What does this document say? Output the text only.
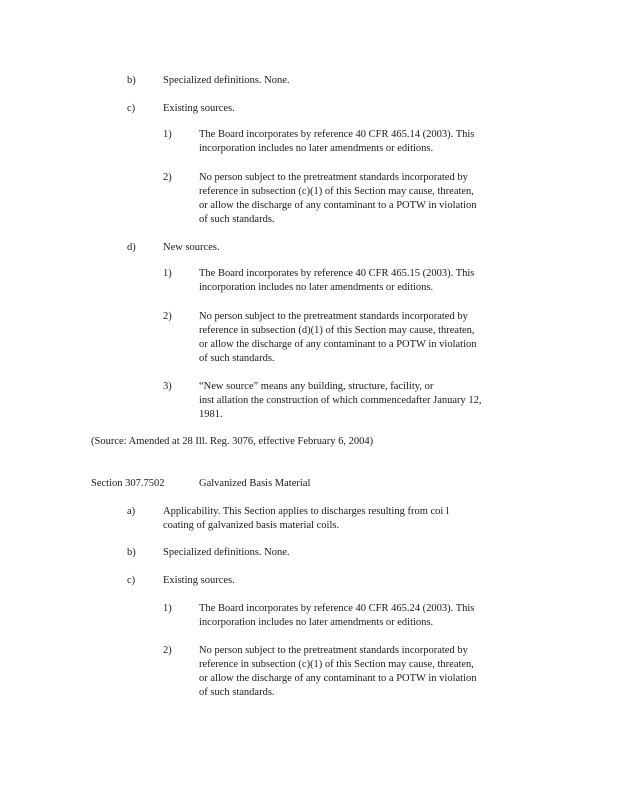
b)	Specialized definitions. None.
c)	Existing sources.
1)	The Board incorporates by reference 40 CFR 465.14 (2003). This
incorporation includes no later amendments or editions.
2)	No person subject to the pretreatment standards incorporated by
reference in subsection (c)(1) of this Section may cause, threaten,
or allow the discharge of any contaminant to a POTW in violation
of such standards.
d)	New sources.
1)	The Board incorporates by reference 40 CFR 465.15 (2003). This
incorporation includes no later amendments or editions.
2)	No person subject to the pretreatment standards incorporated by
reference in subsection (d)(1) of this Section may cause, threaten,
or allow the discharge of any contaminant to a POTW in violation
of such standards.
3)	“New source” means any building, structure, facility, or
inst allation the construction of which commencedafter January 12,
1981.
(Source: Amended at 28 Ill. Reg. 3076, effective February 6, 2004)
Section 307.7502	Galvanized Basis Material
a)	Applicability. This Section applies to discharges resulting from coi l
coating of galvanized basis material coils.
b)	Specialized definitions. None.
c)	Existing sources.
1)	The Board incorporates by reference 40 CFR 465.24 (2003). This
incorporation includes no later amendments or editions.
2)	No person subject to the pretreatment standards incorporated by
reference in subsection (c)(1) of this Section may cause, threaten,
or allow the discharge of any contaminant to a POTW in violation
of such standards.
